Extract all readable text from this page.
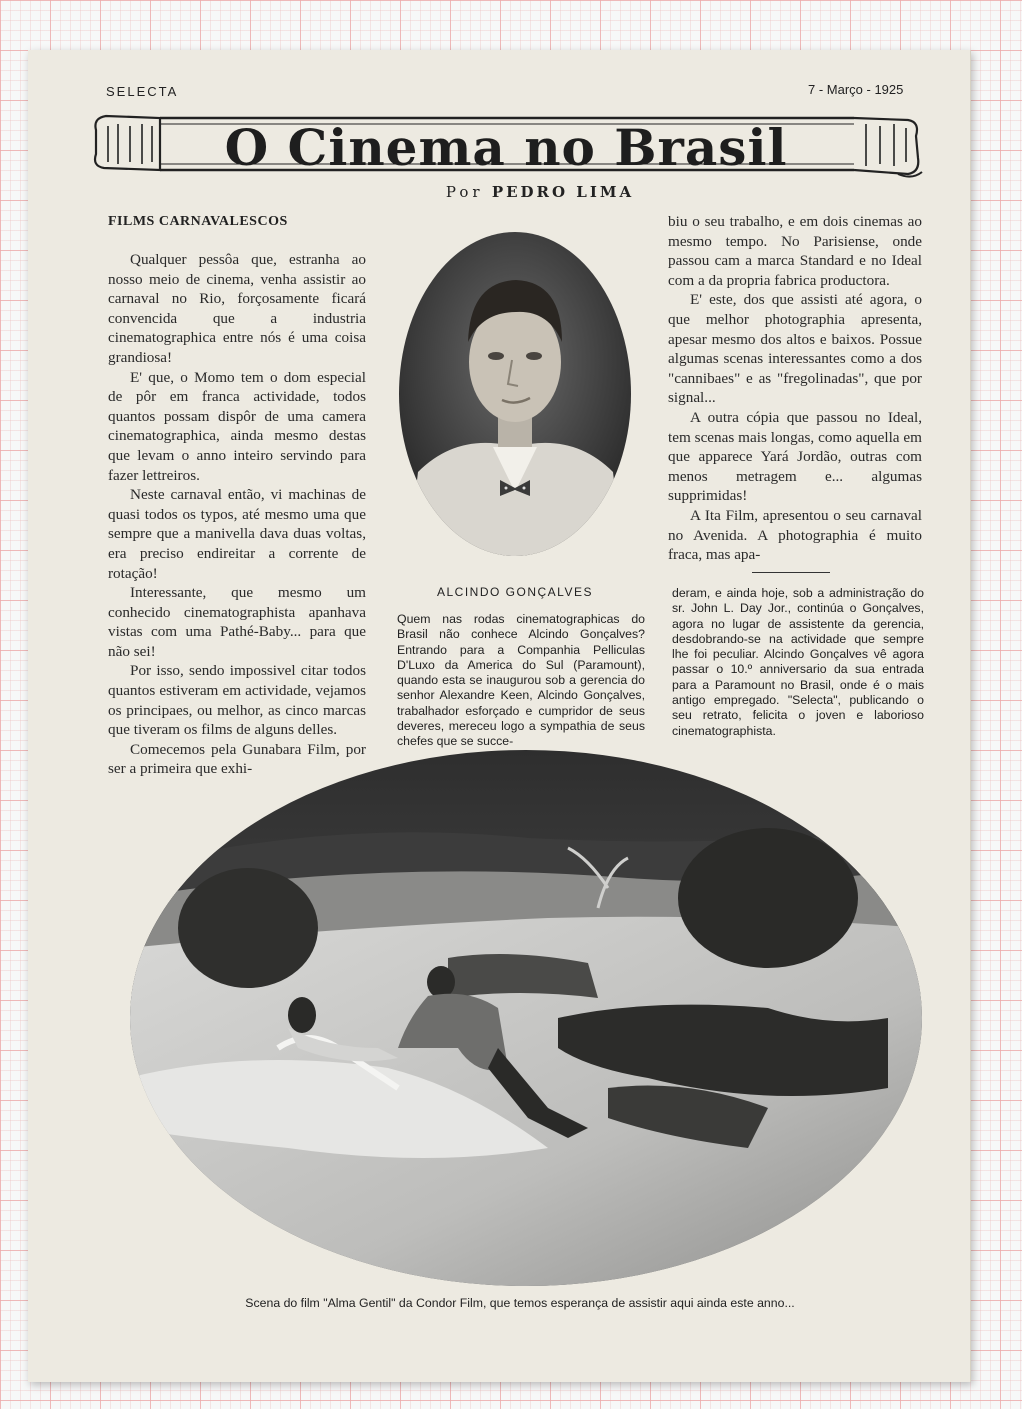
SELECTA	7 - Março - 1925
O Cinema no Brasil
Por PEDRO LIMA
FILMS CARNAVALESCOS

Qualquer pessôa que, estranha ao nosso meio de cinema, venha assistir ao carnaval no Rio, forçosamente ficará convencida que a industria cinematographica entre nós é uma coisa grandiosa!

E' que, o Momo tem o dom especial de pôr em franca actividade, todos quantos possam dispôr de uma camera cinematographica, ainda mesmo destas que levam o anno inteiro servindo para fazer lettreiros.

Neste carnaval então, vi machinas de quasi todos os typos, até mesmo uma que sempre que a manivella dava duas voltas, era preciso endireitar a corrente de rotação!

Interessante, que mesmo um conhecido cinematographista apanhava vistas com uma Pathé-Baby... para que não sei!

Por isso, sendo impossivel citar todos quantos estiveram em actividade, vejamos os principaes, ou melhor, as cinco marcas que tiveram os films de alguns delles.

Comecemos pela Gunabara Film, por ser a primeira que exhi-

ALCINDO GONÇALVES
Quem nas rodas cinematographicas do Brasil não conhece Alcindo Gonçalves? Entrando para a Companhia Pelliculas D'Luxo da America do Sul (Paramount), quando esta se inaugurou sob a gerencia do senhor Alexandre Keen, Alcindo Gonçalves, trabalhador esforçado e cumpridor de seus deveres, mereceu logo a sympathia de seus chefes que se succe-

biu o seu trabalho, e em dois cinemas ao mesmo tempo. No Parisiense, onde passou cam a marca Standard e no Ideal com a da propria fabrica productora.

E' este, dos que assisti até agora, o que melhor photographia apresenta, apesar mesmo dos altos e baixos. Possue algumas scenas interessantes como a dos "cannibaes" e as "fregolinadas", que por signal...

A outra cópia que passou no Ideal, tem scenas mais longas, como aquella em que apparece Yará Jordão, outras com menos metragem e... algumas supprimidas!

A Ita Film, apresentou o seu carnaval no Avenida. A photographia é muito fraca, mas apa-

deram, e ainda hoje, sob a administração do sr. John L. Day Jor., continúa o Gonçalves, agora no lugar de assistente da gerencia, desdobrando-se na actividade que sempre lhe foi peculiar. Alcindo Gonçalves vê agora passar o 10.º anniversario da sua entrada para a Paramount no Brasil, onde é o mais antigo empregado. "Selecta", publicando o seu retrato, felicita o joven e laborioso cinematographista.
Scena do film "Alma Gentil" da Condor Film, que temos esperança de assistir aqui ainda este anno...
